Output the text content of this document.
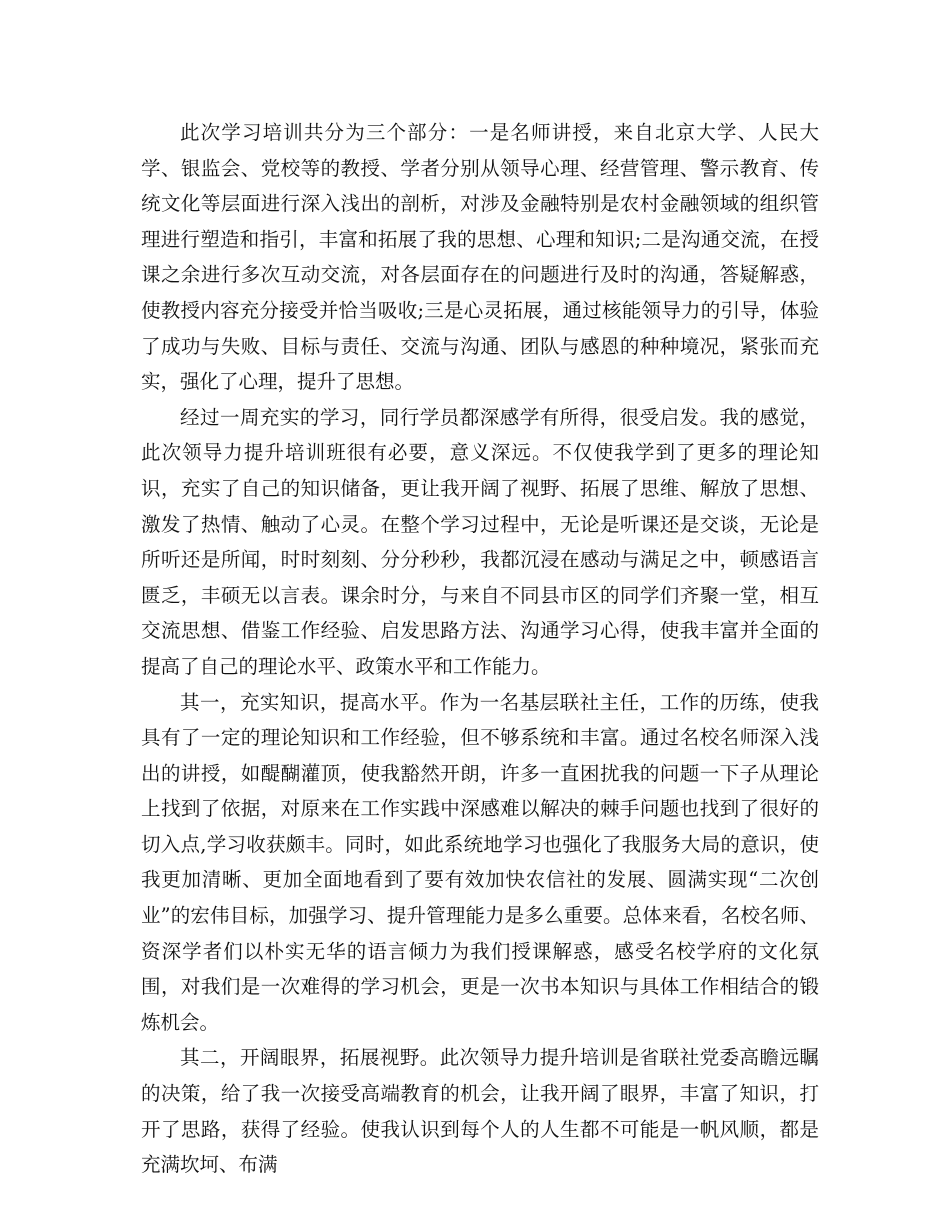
此次学习培训共分为三个部分：一是名师讲授，来自北京大学、人民大学、银监会、党校等的教授、学者分别从领导心理、经营管理、警示教育、传统文化等层面进行深入浅出的剖析，对涉及金融特别是农村金融领域的组织管理进行塑造和指引，丰富和拓展了我的思想、心理和知识;二是沟通交流，在授课之余进行多次互动交流，对各层面存在的问题进行及时的沟通，答疑解惑，使教授内容充分接受并恰当吸收;三是心灵拓展，通过核能领导力的引导，体验了成功与失败、目标与责任、交流与沟通、团队与感恩的种种境况，紧张而充实，强化了心理，提升了思想。

经过一周充实的学习，同行学员都深感学有所得，很受启发。我的感觉，此次领导力提升培训班很有必要，意义深远。不仅使我学到了更多的理论知识，充实了自己的知识储备，更让我开阔了视野、拓展了思维、解放了思想、激发了热情、触动了心灵。在整个学习过程中，无论是听课还是交谈，无论是所听还是所闻，时时刻刻、分分秒秒，我都沉浸在感动与满足之中，顿感语言匮乏，丰硕无以言表。课余时分，与来自不同县市区的同学们齐聚一堂，相互交流思想、借鉴工作经验、启发思路方法、沟通学习心得，使我丰富并全面的提高了自己的理论水平、政策水平和工作能力。

其一，充实知识，提高水平。作为一名基层联社主任，工作的历练，使我具有了一定的理论知识和工作经验，但不够系统和丰富。通过名校名师深入浅出的讲授，如醍醐灌顶，使我豁然开朗，许多一直困扰我的问题一下子从理论上找到了依据，对原来在工作实践中深感难以解决的棘手问题也找到了很好的切入点,学习收获颇丰。同时，如此系统地学习也强化了我服务大局的意识，使我更加清晰、更加全面地看到了要有效加快农信社的发展、圆满实现“二次创业”的宏伟目标，加强学习、提升管理能力是多么重要。总体来看，名校名师、资深学者们以朴实无华的语言倾力为我们授课解惑，感受名校学府的文化氛围，对我们是一次难得的学习机会，更是一次书本知识与具体工作相结合的锻炼机会。

其二，开阔眼界，拓展视野。此次领导力提升培训是省联社党委高瞻远瞩的决策，给了我一次接受高端教育的机会，让我开阔了眼界，丰富了知识，打开了思路，获得了经验。使我认识到每个人的人生都不可能是一帆风顺，都是充满坎坷、布满
